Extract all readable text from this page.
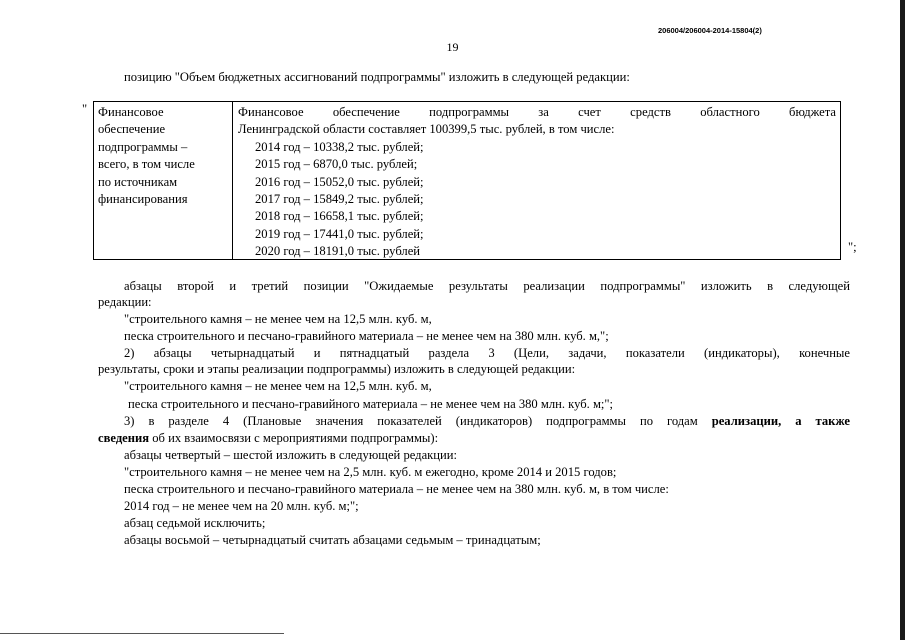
206004/206004-2014-15804(2)
19
позицию "Объем бюджетных ассигнований подпрограммы" изложить в следующей редакции:
" Финансовое
обеспечение
подпрограммы –
всего, в том числе
по источникам
финансирования
Финансовое обеспечение подпрограммы за счет средств областного бюджета
Ленинградской области составляет 100399,5 тыс. рублей, в том числе:
2014 год – 10338,2 тыс. рублей;
2015 год – 6870,0 тыс. рублей;
2016 год – 15052,0 тыс. рублей;
2017 год – 15849,2 тыс. рублей;
2018 год – 16658,1 тыс. рублей;
2019 год – 17441,0 тыс. рублей;
2020 год – 18191,0 тыс. рублей	";
абзацы второй и третий позиции "Ожидаемые результаты реализации подпрограммы" изложить в следующей
редакции:
"строительного камня – не менее чем на 12,5 млн. куб. м,
песка строительного и песчано-гравийного материала – не менее чем на 380 млн. куб. м,";
2) абзацы четырнадцатый и пятнадцатый раздела 3 (Цели, задачи, показатели (индикаторы), конечные
результаты, сроки и этапы реализации подпрограммы) изложить в следующей редакции:
"строительного камня – не менее чем на 12,5 млн. куб. м,
песка строительного и песчано-гравийного материала – не менее чем на 380 млн. куб. м;";
3) в разделе 4 (Плановые значения показателей (индикаторов) подпрограммы по годам реализации, а также
сведения об их взаимосвязи с мероприятиями подпрограммы):
абзацы четвертый – шестой изложить в следующей редакции:
"строительного камня – не менее чем на 2,5 млн. куб. м ежегодно, кроме 2014 и 2015 годов;
песка строительного и песчано-гравийного материала – не менее чем на 380 млн. куб. м, в том числе:
2014 год – не менее чем на 20 млн. куб. м;";
абзац седьмой исключить;
абзацы восьмой – четырнадцатый считать абзацами седьмым – тринадцатым;
